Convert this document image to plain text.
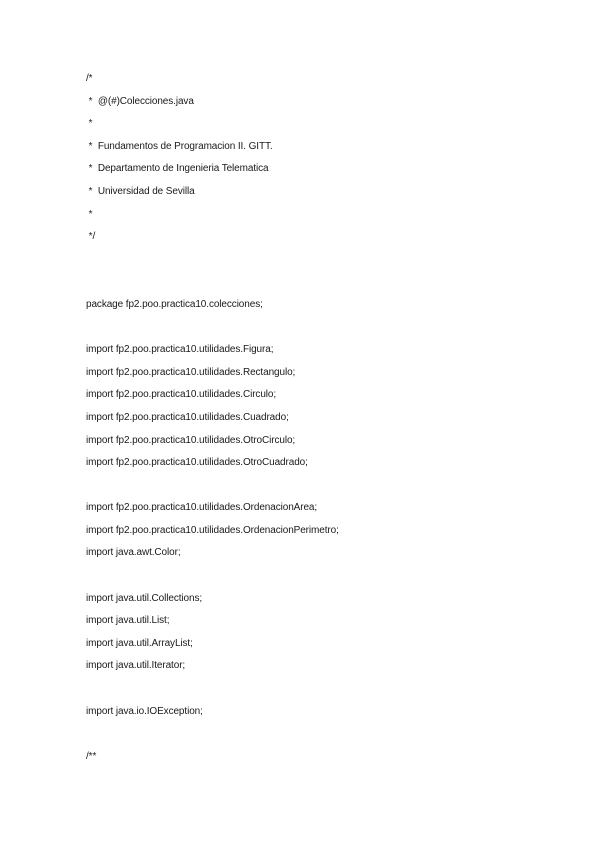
/*
*  @(#)Colecciones.java
*
*  Fundamentos de Programacion II. GITT.
*  Departamento de Ingenieria Telematica
*  Universidad de Sevilla
*
*/
package fp2.poo.practica10.colecciones;
import fp2.poo.practica10.utilidades.Figura;
import fp2.poo.practica10.utilidades.Rectangulo;
import fp2.poo.practica10.utilidades.Circulo;
import fp2.poo.practica10.utilidades.Cuadrado;
import fp2.poo.practica10.utilidades.OtroCirculo;
import fp2.poo.practica10.utilidades.OtroCuadrado;
import fp2.poo.practica10.utilidades.OrdenacionArea;
import fp2.poo.practica10.utilidades.OrdenacionPerimetro;
import java.awt.Color;
import java.util.Collections;
import java.util.List;
import java.util.ArrayList;
import java.util.Iterator;
import java.io.IOException;
/**
